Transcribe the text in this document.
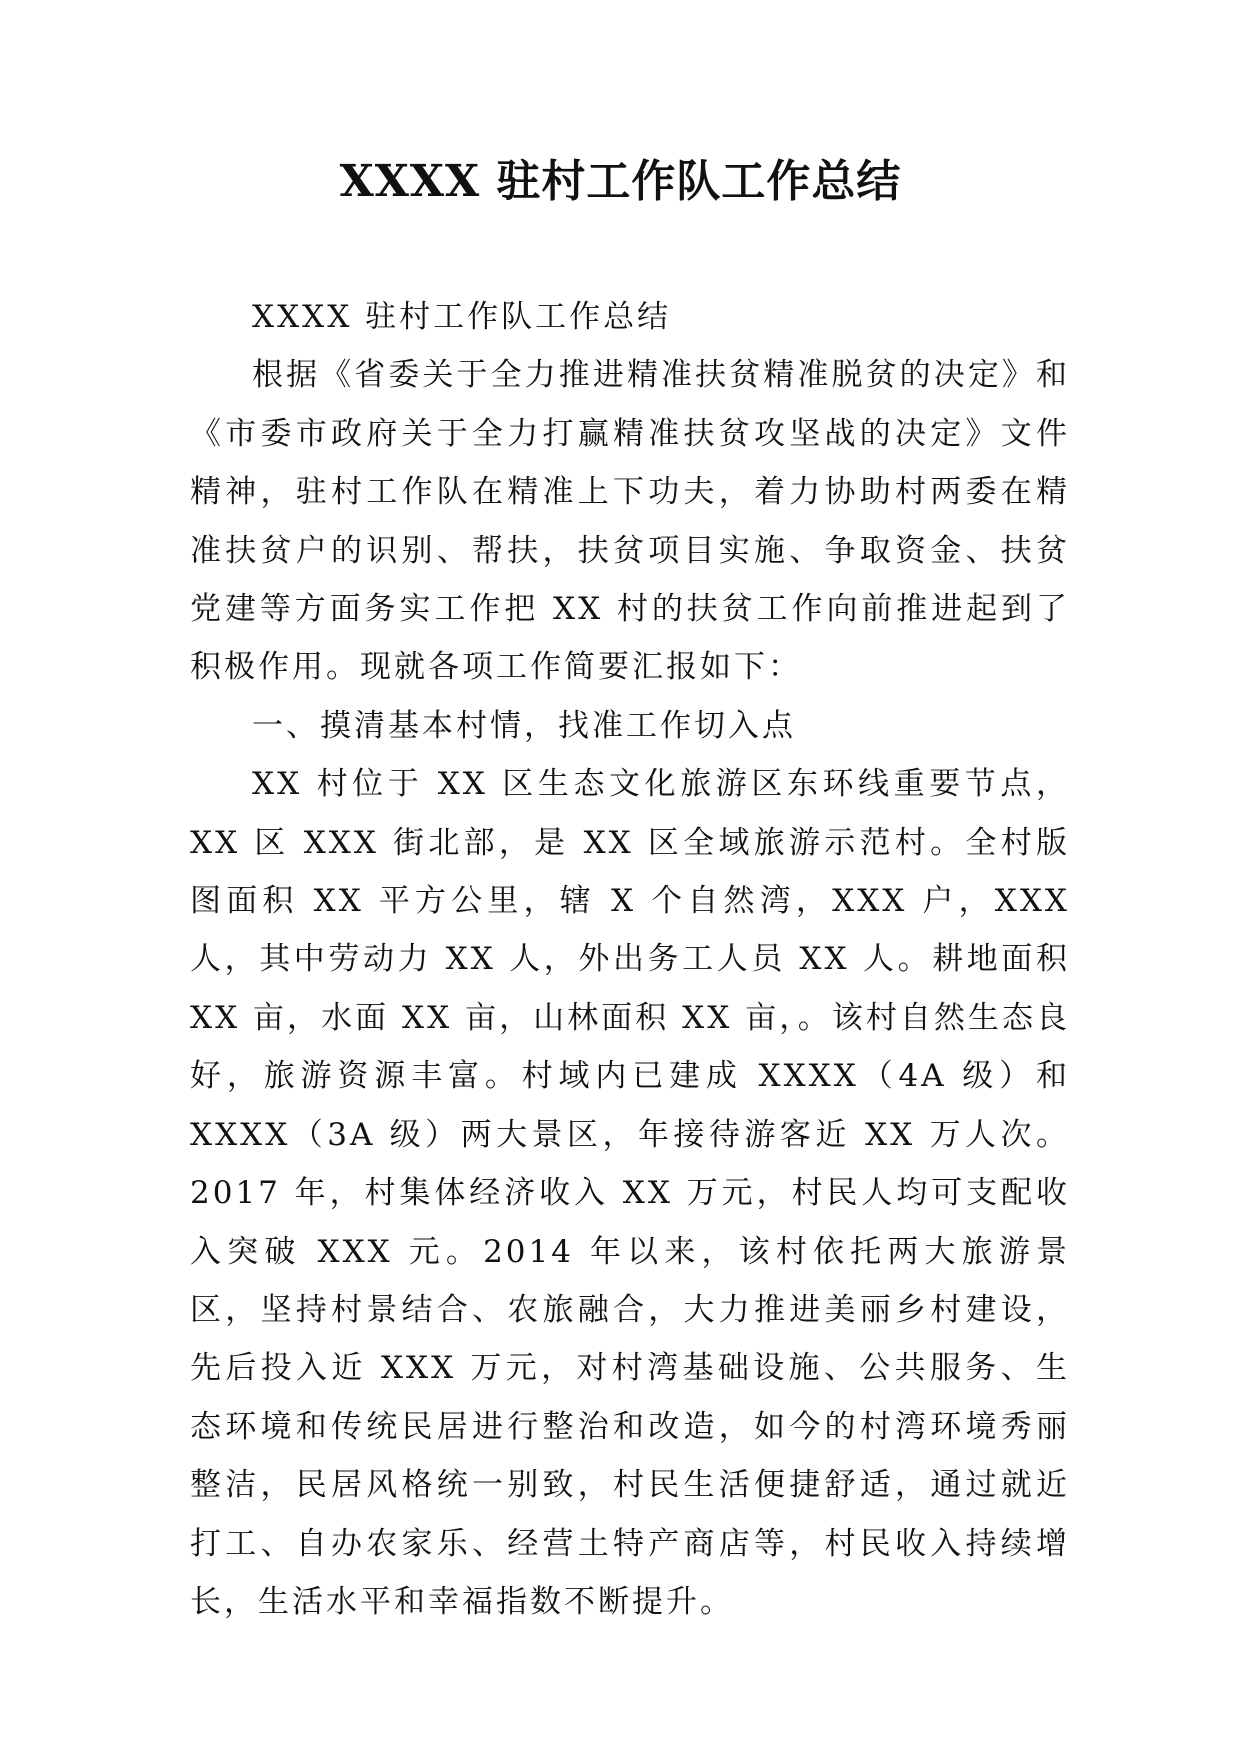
XXXX 驻村工作队工作总结

XXXX 驻村工作队工作总结

根据《省委关于全力推进精准扶贫精准脱贫的决定》和《市委市政府关于全力打赢精准扶贫攻坚战的决定》文件精神，驻村工作队在精准上下功夫，着力协助村两委在精准扶贫户的识别、帮扶，扶贫项目实施、争取资金、扶贫党建等方面务实工作把 XX 村的扶贫工作向前推进起到了积极作用。现就各项工作简要汇报如下：

一、摸清基本村情，找准工作切入点

XX 村位于 XX 区生态文化旅游区东环线重要节点，XX 区 XXX 街北部，是 XX 区全域旅游示范村。全村版图面积 XX 平方公里，辖 X 个自然湾，XXX 户，XXX 人，其中劳动力 XX 人，外出务工人员 XX 人。耕地面积 XX 亩，水面 XX 亩，山林面积 XX 亩，。该村自然生态良好，旅游资源丰富。村域内已建成 XXXX（4A 级）和 XXXX（3A 级）两大景区，年接待游客近 XX 万人次。2017 年，村集体经济收入 XX 万元，村民人均可支配收入突破 XXX 元。2014 年以来，该村依托两大旅游景区，坚持村景结合、农旅融合，大力推进美丽乡村建设，先后投入近 XXX 万元，对村湾基础设施、公共服务、生态环境和传统民居进行整治和改造，如今的村湾环境秀丽整洁，民居风格统一别致，村民生活便捷舒适，通过就近打工、自办农家乐、经营土特产商店等，村民收入持续增长，生活水平和幸福指数不断提升。
